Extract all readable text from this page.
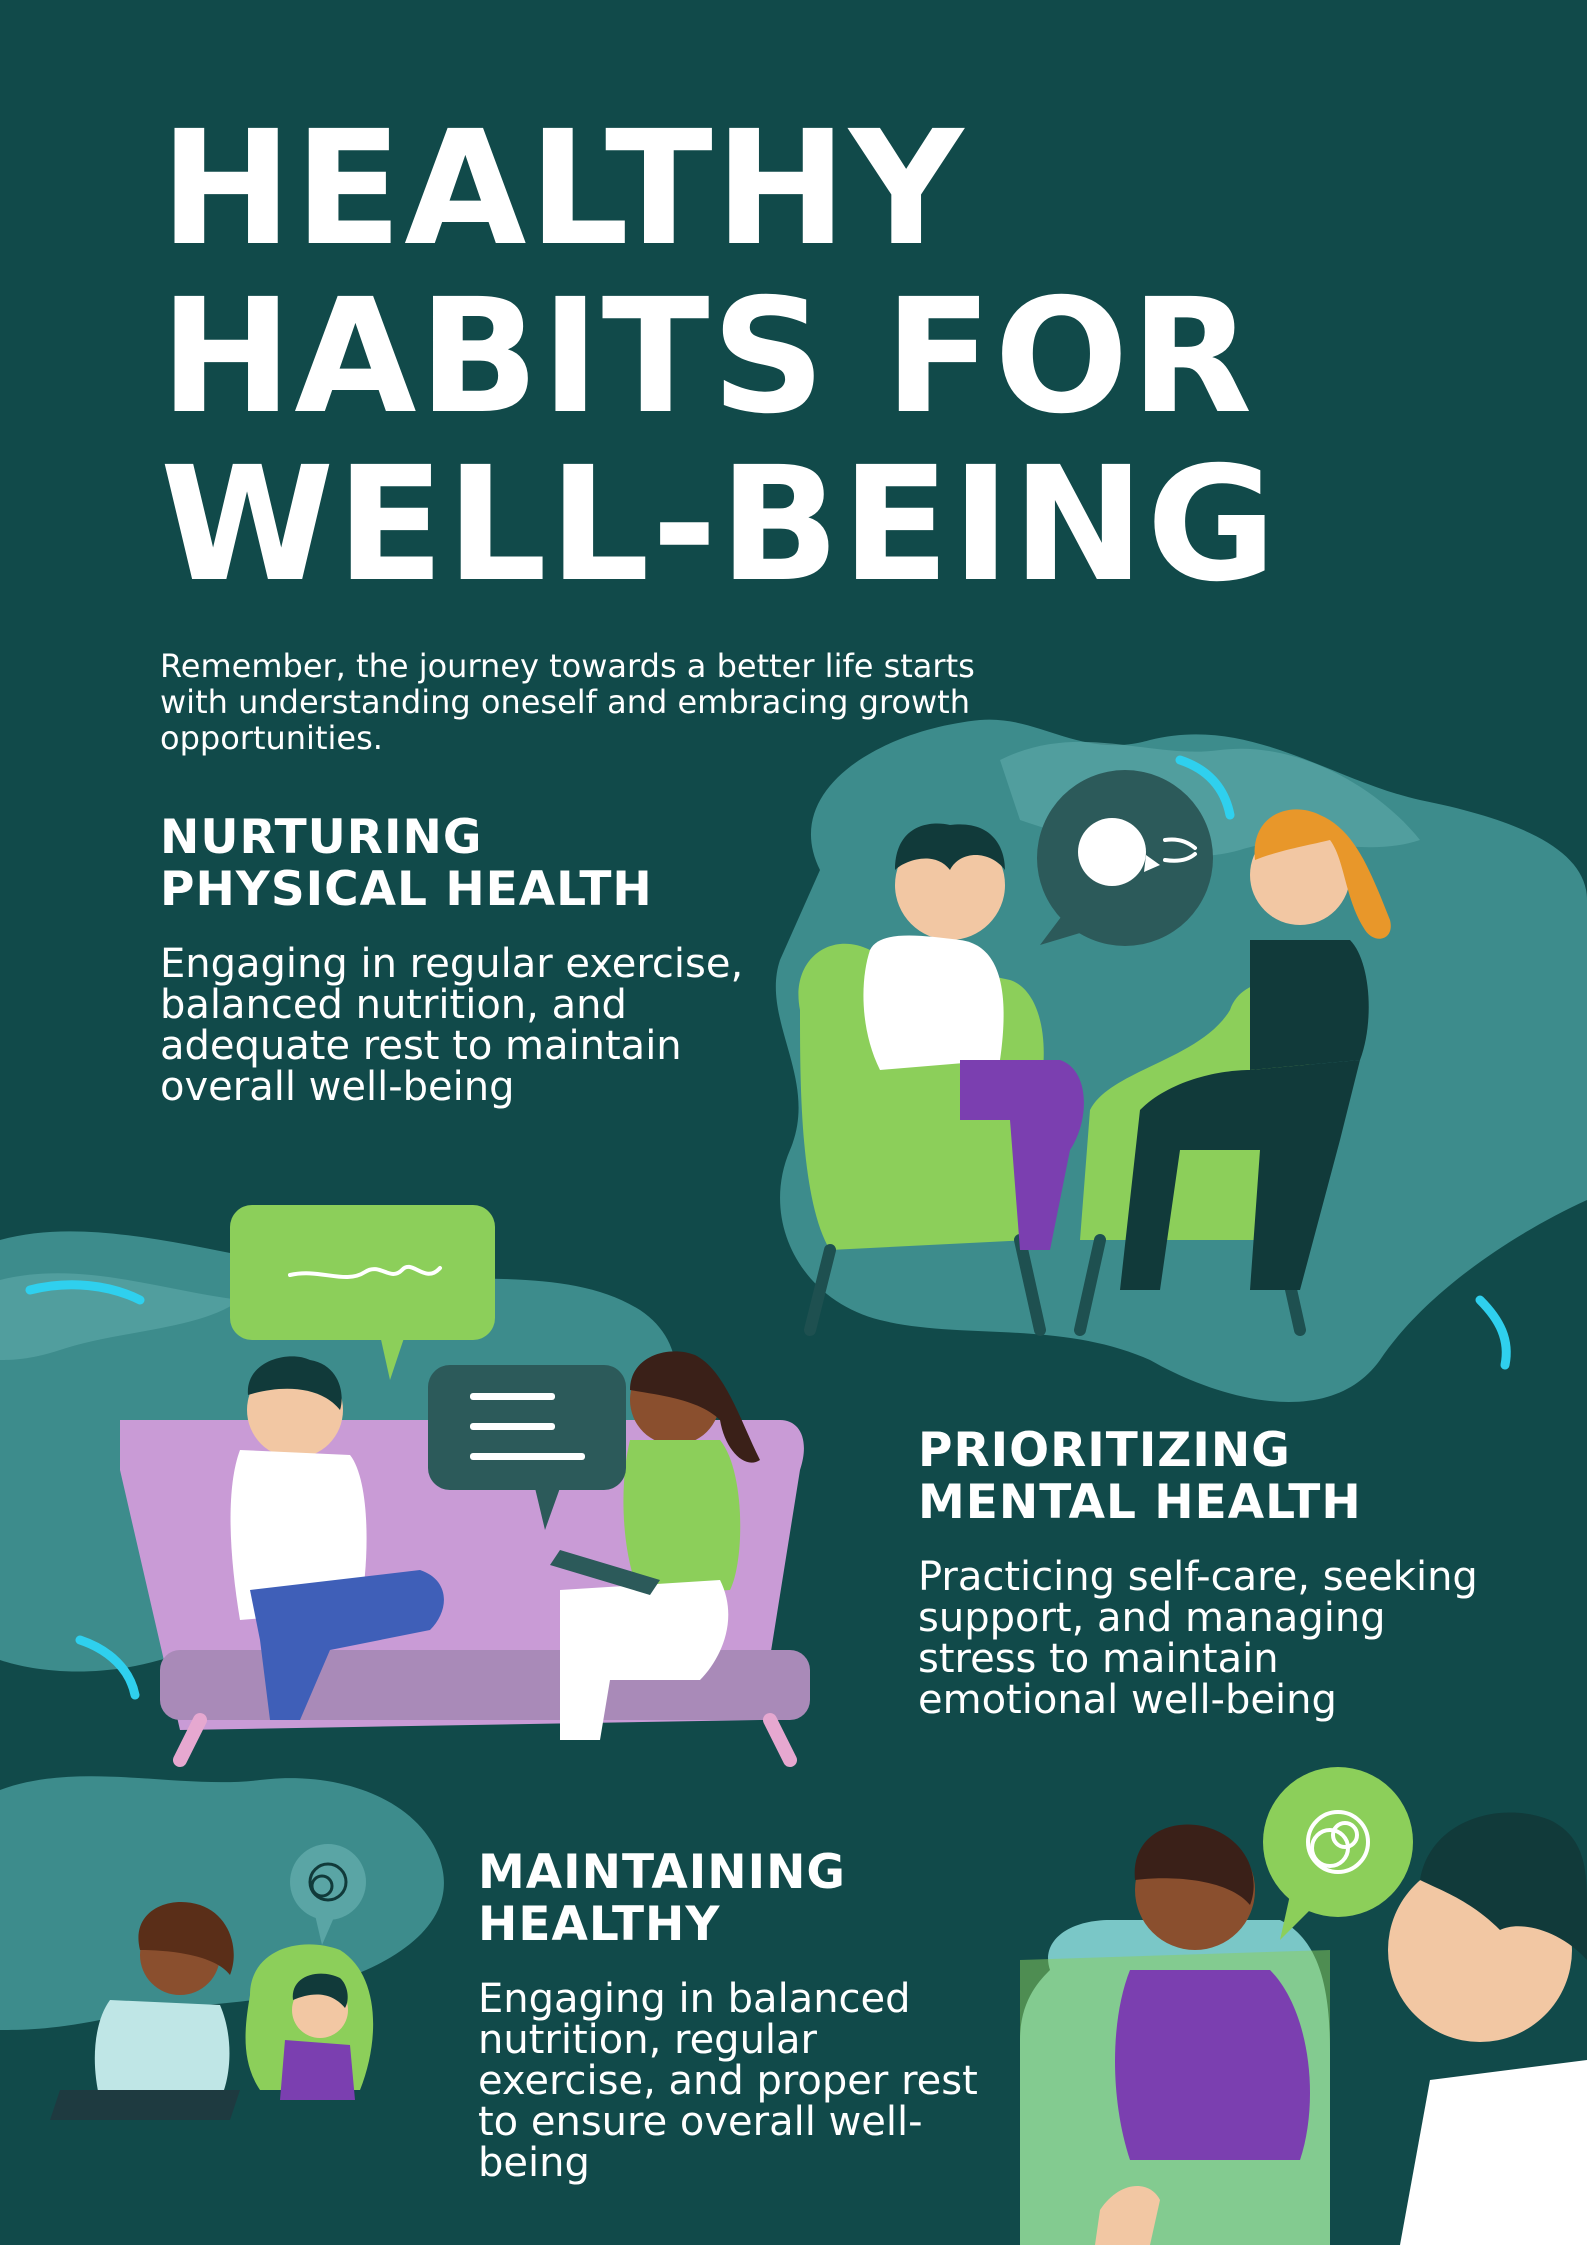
HEALTHY
HABITS FOR
WELL-BEING

Remember, the journey towards a better life starts with understanding oneself and embracing growth opportunities.

NURTURING
PHYSICAL HEALTH

Engaging in regular exercise, balanced nutrition, and adequate rest to maintain overall well-being

PRIORITIZING
MENTAL HEALTH

Practicing self-care, seeking support, and managing stress to maintain emotional well-being

MAINTAINING
HEALTHY

Engaging in balanced nutrition, regular exercise, and proper rest to ensure overall well-being
